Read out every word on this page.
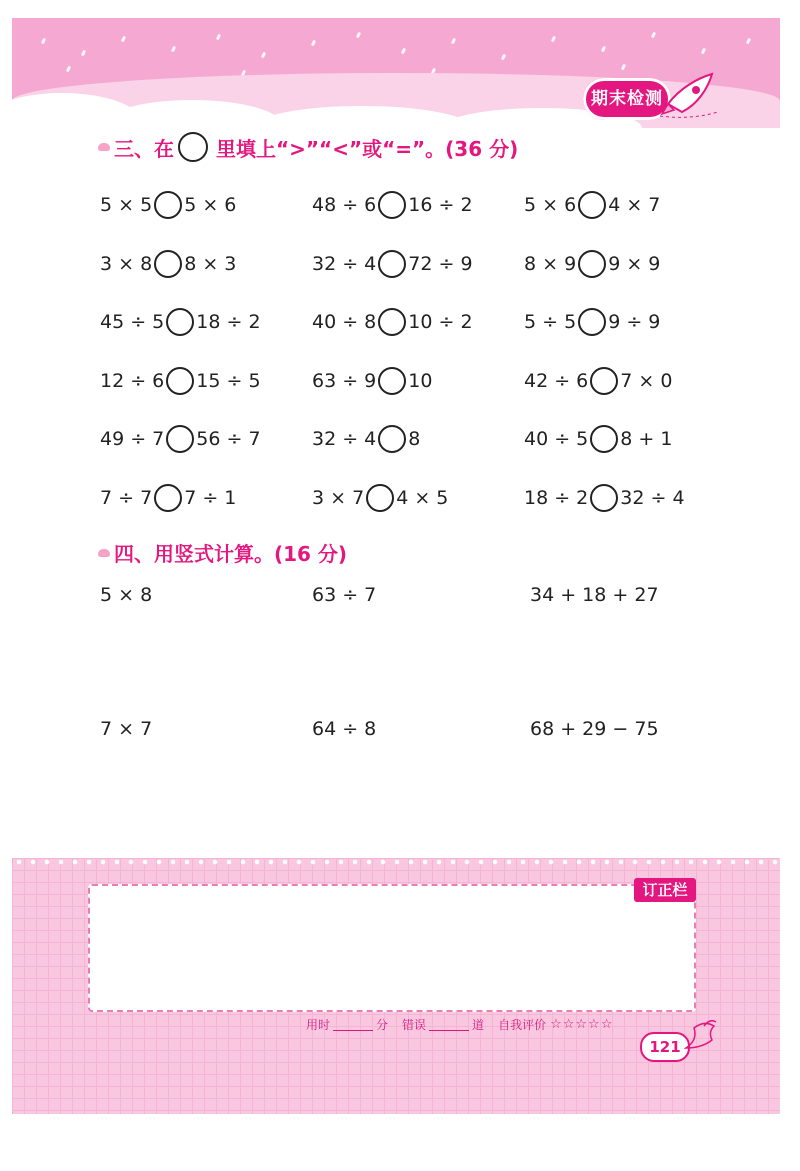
期末检测
三、在 里填上“>”“<”或“=”。(36 分)
5 × 5 5 × 6	48 ÷ 6 16 ÷ 2	5 × 6 4 × 7
3 × 8 8 × 3	32 ÷ 4 72 ÷ 9	8 × 9 9 × 9
45 ÷ 5 18 ÷ 2	40 ÷ 8 10 ÷ 2	5 ÷ 5 9 ÷ 9
12 ÷ 6 15 ÷ 5	63 ÷ 9 10	42 ÷ 6 7 × 0
49 ÷ 7 56 ÷ 7	32 ÷ 4 8	40 ÷ 5 8 + 1
7 ÷ 7 7 ÷ 1	3 × 7 4 × 5	18 ÷ 2 32 ÷ 4
四、用竖式计算。(16 分)
5 × 8	63 ÷ 7	34 + 18 + 27
7 × 7	64 ÷ 8	68 + 29 − 75
订正栏
用时	分 错误	道 自我评价 ☆☆☆☆☆
121
